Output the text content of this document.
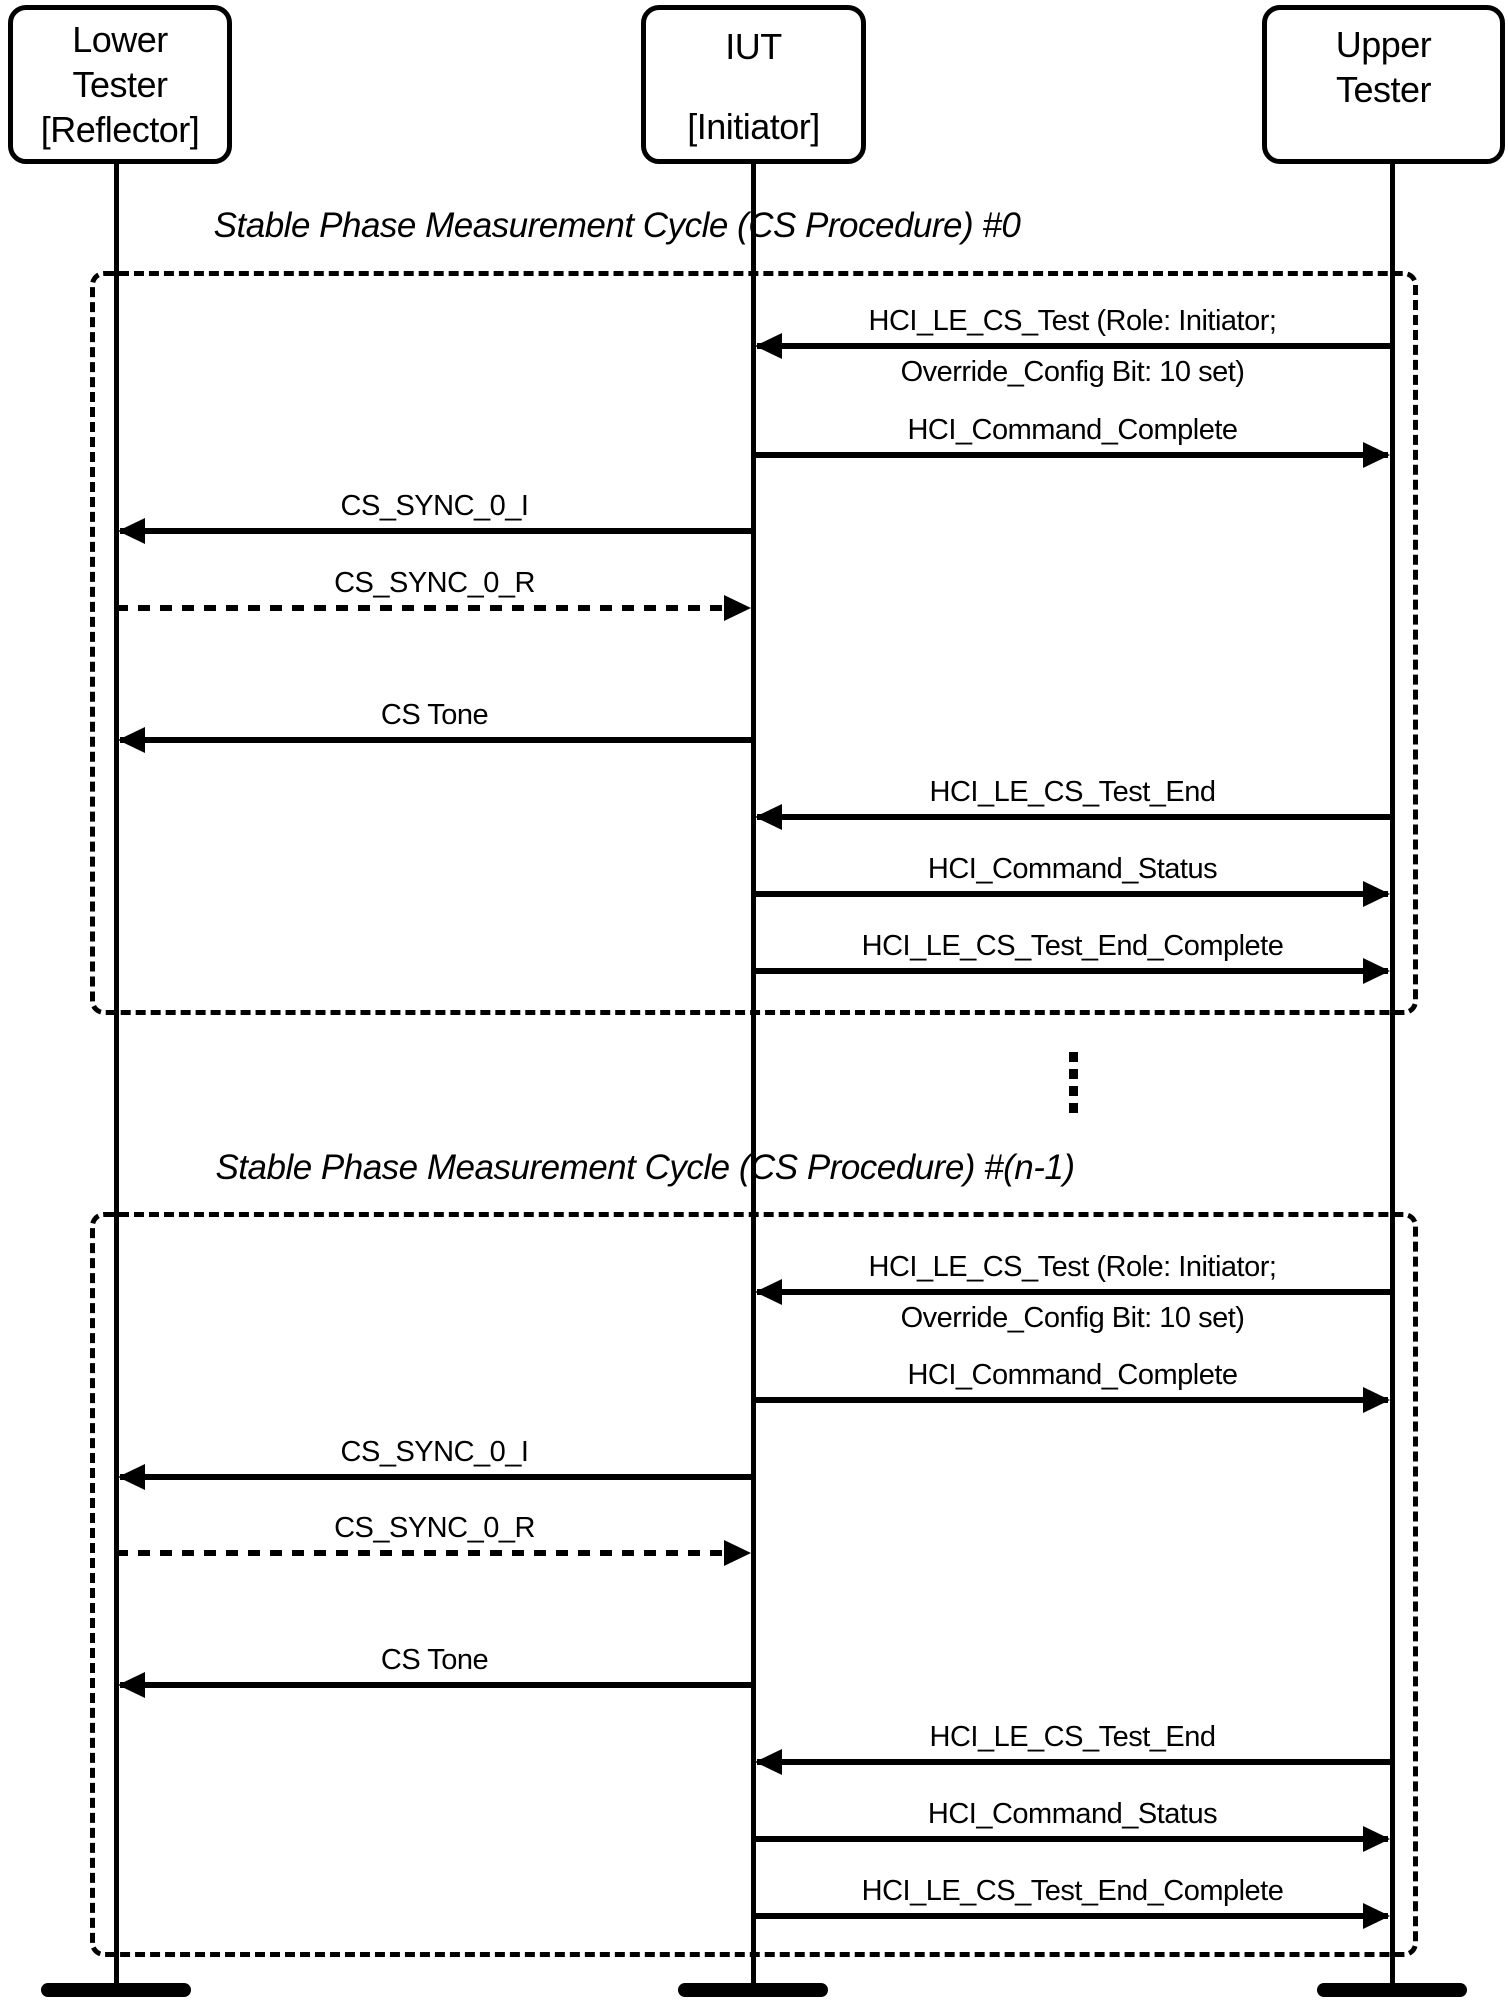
Lower
Tester
[Reflector]
IUT
[Initiator]
Upper
Tester
Stable Phase Measurement Cycle (CS Procedure) #0
HCI_LE_CS_Test (Role: Initiator;
Override_Config Bit: 10 set)
HCI_Command_Complete
CS_SYNC_0_I
CS_SYNC_0_R
CS Tone
HCI_LE_CS_Test_End
HCI_Command_Status
HCI_LE_CS_Test_End_Complete
Stable Phase Measurement Cycle (CS Procedure) #(n-1)
HCI_LE_CS_Test (Role: Initiator;
Override_Config Bit: 10 set)
HCI_Command_Complete
CS_SYNC_0_I
CS_SYNC_0_R
CS Tone
HCI_LE_CS_Test_End
HCI_Command_Status
HCI_LE_CS_Test_End_Complete
